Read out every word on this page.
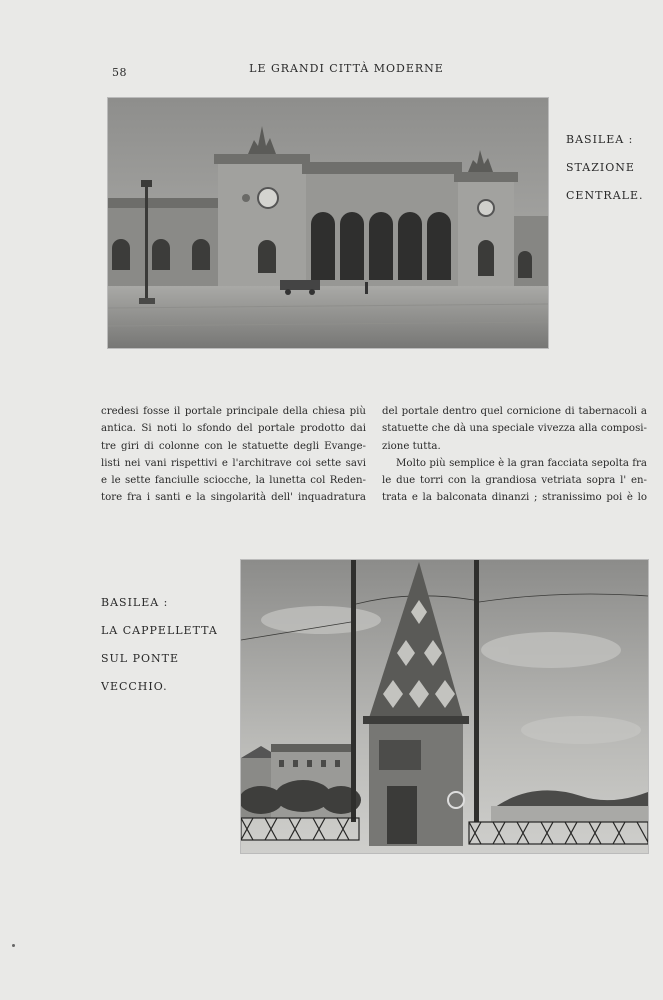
58	LE GRANDI CITTÀ MODERNE
BASILEA :
STAZIONE
CENTRALE.
credesi fosse il portale principale della chiesa più
antica. Si noti lo sfondo del portale prodotto dai
tre giri di colonne con le statuette degli Evange-
listi nei vani rispettivi e l'architrave coi sette savi
e le sette fanciulle sciocche, la lunetta col Reden-
tore fra i santi e la singolarità dell' inquadratura
del portale dentro quel cornicione di tabernacoli a
statuette che dà una speciale vivezza alla composi-
zione tutta.
Molto più semplice è la gran facciata sepolta fra
le due torri con la grandiosa vetriata sopra l' en-
trata e la balconata dinanzi ; stranissimo poi è lo
BASILEA :
LA CAPPELLETTA
SUL PONTE
VECCHIO.
